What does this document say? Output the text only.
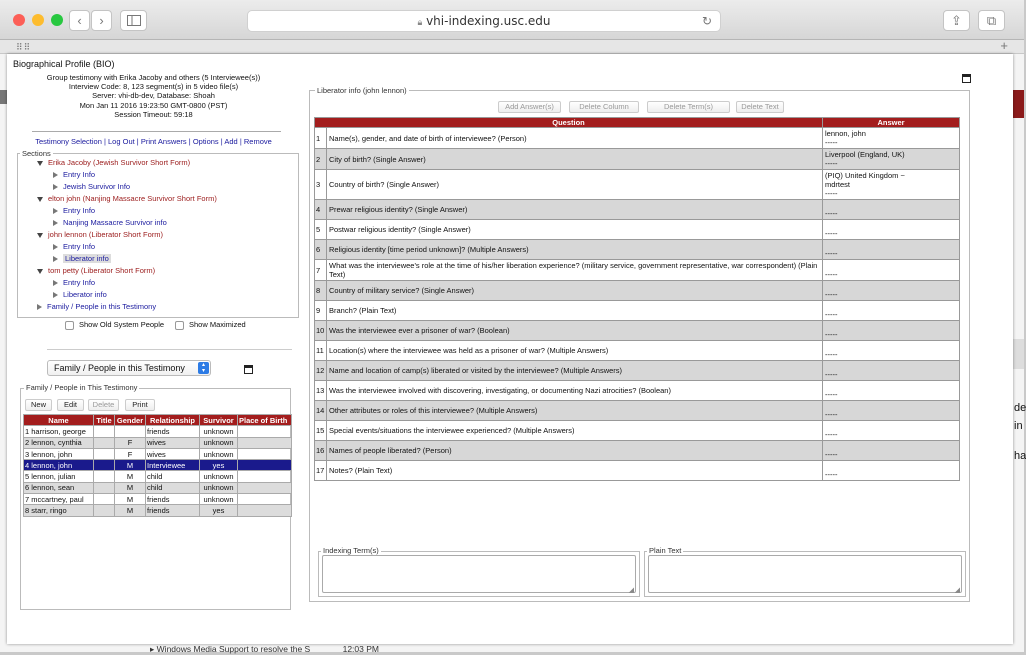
‹	›	🔒︎ vhi-indexing.usc.edu	↻	⇪	⧉
+
de
in
ha
▸ Windows Media Support to resolve the S	12:03 PM
⠿⠿
Biographical Profile (BIO)
Group testimony with Erika Jacoby and others (5 Interviewee(s))
Interview Code: 8, 123 segment(s) in 5 video file(s)
Server: vhi-db-dev, Database: Shoah
Mon Jan 11 2016 19:23:50 GMT-0800 (PST)
Session Timeout: 59:18
Testimony Selection | Log Out | Print Answers | Options | Add | Remove
Sections
Erika Jacoby (Jewish Survivor Short Form)
Entry Info
Jewish Survivor Info
elton john (Nanjing Massacre Survivor Short Form)
Entry Info
Nanjing Massacre Survivor info
john lennon (Liberator Short Form)
Entry Info
Liberator info
tom petty (Liberator Short Form)
Entry Info
Liberator info
Family / People in this Testimony
Show Old System People	Show Maximized
Family / People in this Testimony	▴
▾
Family / People in This Testimony
New	Edit	Delete	Print
Name	Title	Gender	Relationship	Survivor	Place of Birth
1 harrison, george			friends	unknown	
2 lennon, cynthia		F	wives	unknown	
3 lennon, john		F	wives	unknown	
4 lennon, john		M	Interviewee	yes	
5 lennon, julian		M	child	unknown	
6 lennon, sean		M	child	unknown	
7 mccartney, paul		M	friends	unknown	
8 starr, ringo		M	friends	yes	
Liberator info (john lennon)
Add Answer(s)	Delete Column	Delete Term(s)	Delete Text
Question		Answer
1	Name(s), gender, and date of birth of interviewee? (Person)	lennon, john
-----
2	City of birth? (Single Answer)	Liverpool (England, UK)
-----
3	Country of birth? (Single Answer)	(PIQ) United Kingdom ~
mdrtest
-----
4	Prewar religious identity? (Single Answer)	-----
5	Postwar religious identity? (Single Answer)	-----
6	Religious identity [time period unknown]? (Multiple Answers)	-----
7	What was the interviewee's role at the time of his/her liberation experience? (military service, government representative, war correspondent) (Plain Text)	-----
8	Country of military service? (Single Answer)	-----
9	Branch? (Plain Text)	-----
10	Was the interviewee ever a prisoner of war? (Boolean)	-----
11	Location(s) where the interviewee was held as a prisoner of war? (Multiple Answers)	-----
12	Name and location of camp(s) liberated or visited by the interviewee? (Multiple Answers)	-----
13	Was the interviewee involved with discovering, investigating, or documenting Nazi atrocities? (Boolean)	-----
14	Other attributes or roles of this interviewee? (Multiple Answers)	-----
15	Special events/situations the interviewee experienced? (Multiple Answers)	-----
16	Names of people liberated? (Person)	-----
17	Notes? (Plain Text)	-----
Indexing Term(s)
◢
Plain Text
◢
